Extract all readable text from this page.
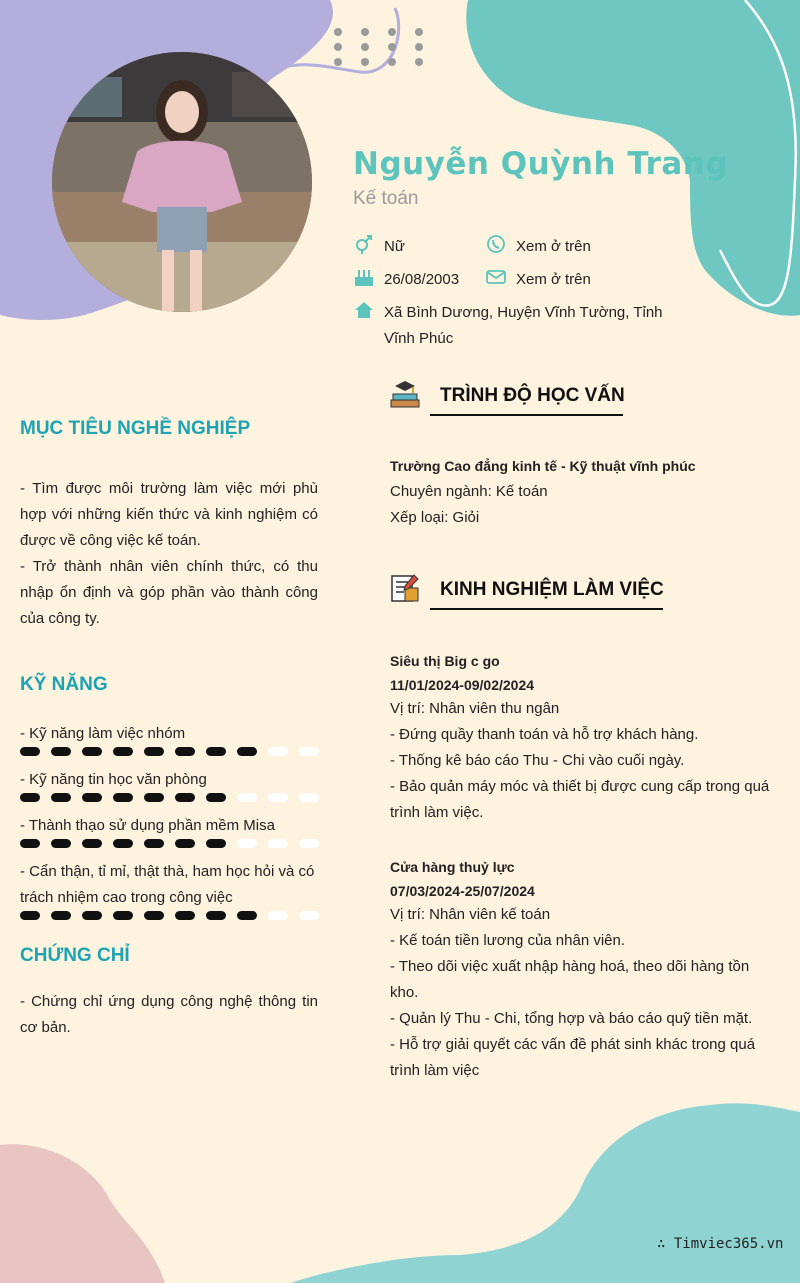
Nguyễn Quỳnh Trang
Kế toán
Nữ	Xem ở trên
26/08/2003	Xem ở trên
Xã Bình Dương, Huyện Vĩnh Tường, Tỉnh Vĩnh Phúc
MỤC TIÊU NGHỀ NGHIỆP
- Tìm được môi trường làm việc mới phù hợp với những kiến thức và kinh nghiệm có được về công việc kế toán.
- Trở thành nhân viên chính thức, có thu nhập ổn định và góp phần vào thành công của công ty.
KỸ NĂNG
- Kỹ năng làm việc nhóm
- Kỹ năng tin học văn phòng
- Thành thạo sử dụng phần mềm Misa
- Cẩn thận, tỉ mỉ, thật thà, ham học hỏi và có trách nhiệm cao trong công việc
CHỨNG CHỈ
- Chứng chỉ ứng dụng công nghệ thông tin cơ bản.
TRÌNH ĐỘ HỌC VẤN
Trường Cao đẳng kinh tế - Kỹ thuật vĩnh phúc
Chuyên ngành: Kế toán
Xếp loại: Giỏi
KINH NGHIỆM LÀM VIỆC
Siêu thị Big c go
11/01/2024-09/02/2024
Vị trí: Nhân viên thu ngân
- Đứng quầy thanh toán và hỗ trợ khách hàng.
- Thống kê báo cáo Thu - Chi vào cuối ngày.
- Bảo quản máy móc và thiết bị được cung cấp trong quá trình làm việc.
Cửa hàng thuỷ lực
07/03/2024-25/07/2024
Vị trí: Nhân viên kế toán
- Kế toán tiền lương của nhân viên.
- Theo dõi việc xuất nhập hàng hoá, theo dõi hàng tồn kho.
- Quản lý Thu - Chi, tổng hợp và báo cáo quỹ tiền mặt.
- Hỗ trợ giải quyết các vấn đề phát sinh khác trong quá trình làm việc
∴ Timviec365.vn
